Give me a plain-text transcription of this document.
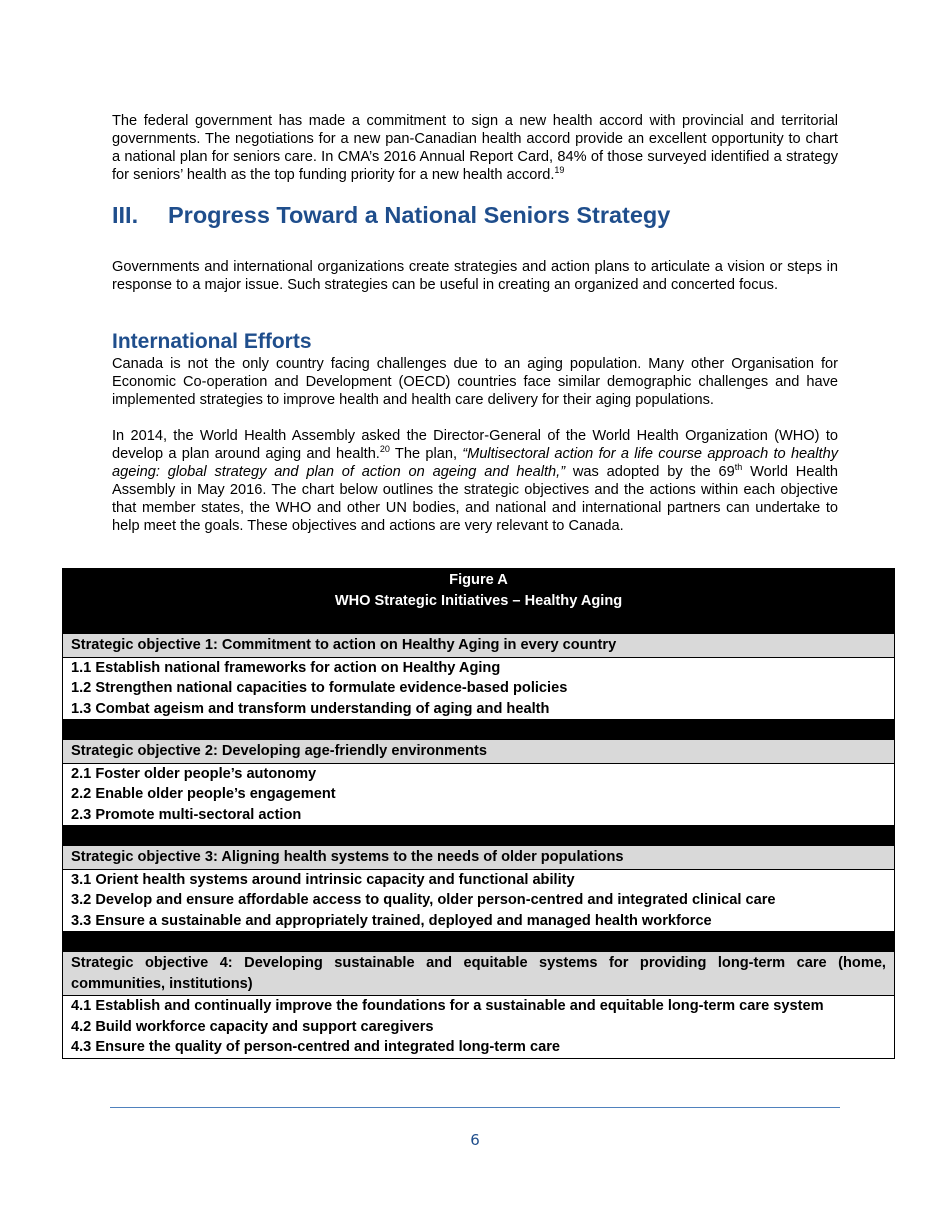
The federal government has made a commitment to sign a new health accord with provincial and territorial governments. The negotiations for a new pan-Canadian health accord provide an excellent opportunity to chart a national plan for seniors care. In CMA’s 2016 Annual Report Card, 84% of those surveyed identified a strategy for seniors’ health as the top funding priority for a new health accord.$^{19}$

III. Progress Toward a National Seniors Strategy

Governments and international organizations create strategies and action plans to articulate a vision or steps in response to a major issue. Such strategies can be useful in creating an organized and concerted focus.

International Efforts

Canada is not the only country facing challenges due to an aging population. Many other Organisation for Economic Co-operation and Development (OECD) countries face similar demographic challenges and have implemented strategies to improve health and health care delivery for their aging populations.

In 2014, the World Health Assembly asked the Director-General of the World Health Organization (WHO) to develop a plan around aging and health.$^{20}$ The plan, “Multisectoral action for a life course approach to healthy ageing: global strategy and plan of action on ageing and health,” was adopted by the 69th World Health Assembly in May 2016. The chart below outlines the strategic objectives and the actions within each objective that member states, the WHO and other UN bodies, and national and international partners can undertake to help meet the goals. These objectives and actions are very relevant to Canada.

Figure A
WHO Strategic Initiatives – Healthy Aging
Strategic objective 1: Commitment to action on Healthy Aging in every country
1.1 Establish national frameworks for action on Healthy Aging
1.2 Strengthen national capacities to formulate evidence-based policies
1.3 Combat ageism and transform understanding of aging and health
Strategic objective 2: Developing age-friendly environments
2.1 Foster older people’s autonomy
2.2 Enable older people’s engagement
2.3 Promote multi-sectoral action
Strategic objective 3: Aligning health systems to the needs of older populations
3.1 Orient health systems around intrinsic capacity and functional ability
3.2 Develop and ensure affordable access to quality, older person-centred and integrated clinical care
3.3 Ensure a sustainable and appropriately trained, deployed and managed health workforce
Strategic objective 4: Developing sustainable and equitable systems for providing long-term care (home, communities, institutions)
4.1 Establish and continually improve the foundations for a sustainable and equitable long-term care system
4.2 Build workforce capacity and support caregivers
4.3 Ensure the quality of person-centred and integrated long-term care
6
